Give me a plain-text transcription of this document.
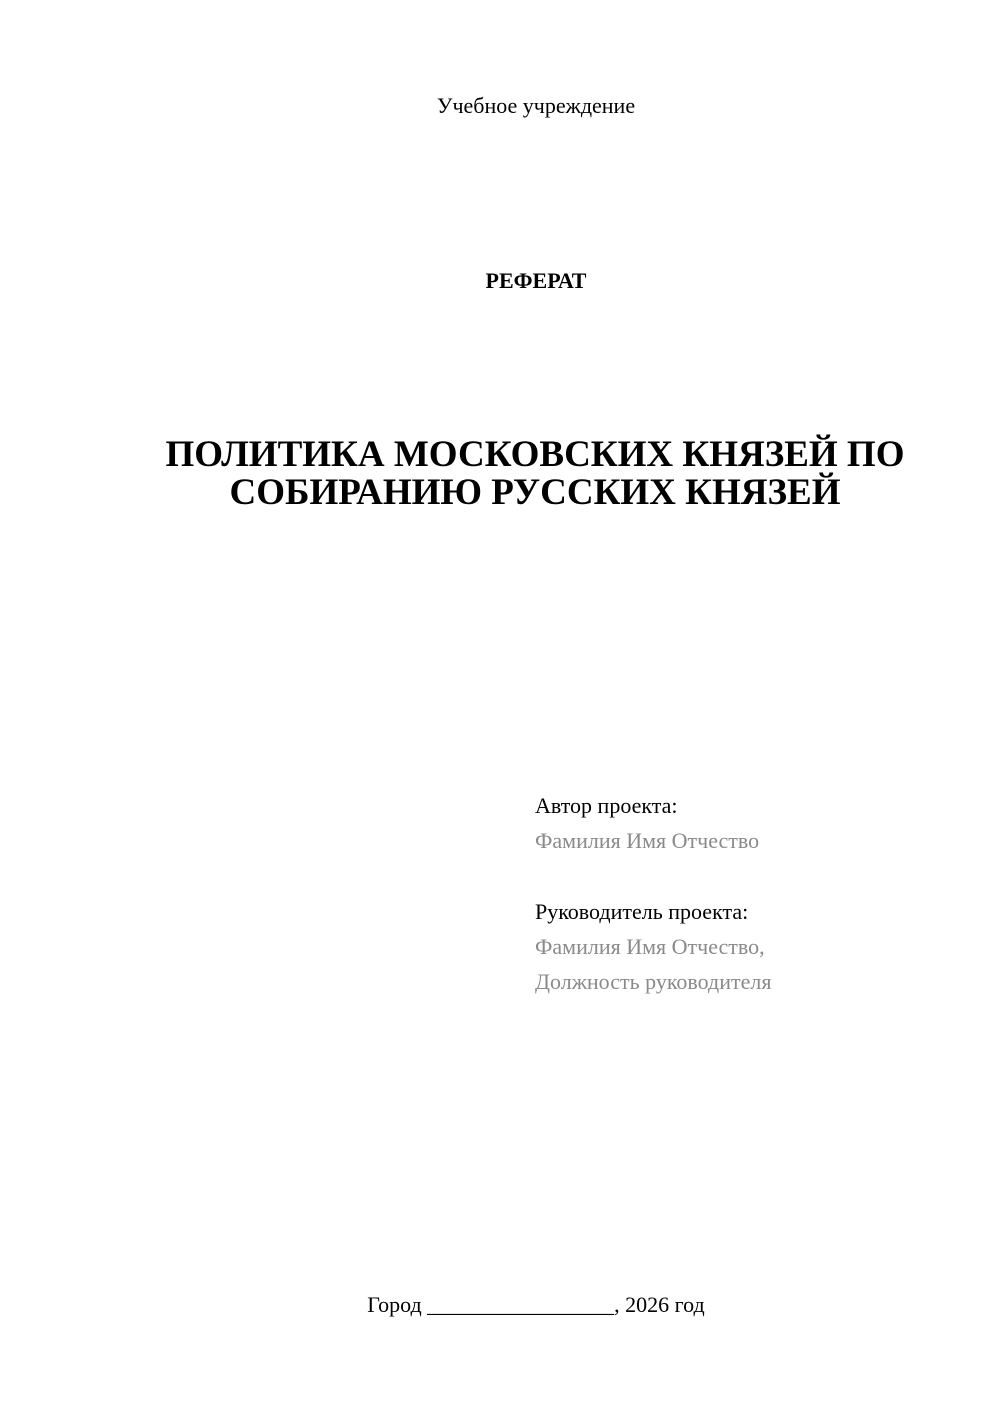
Учебное учреждение
РЕФЕРАТ
ПОЛИТИКА МОСКОВСКИХ КНЯЗЕЙ ПО
СОБИРАНИЮ РУССКИХ КНЯЗЕЙ
Автор проекта:
Фамилия Имя Отчество
Руководитель проекта:
Фамилия Имя Отчество,
Должность руководителя
Город _________________, 2026 год
